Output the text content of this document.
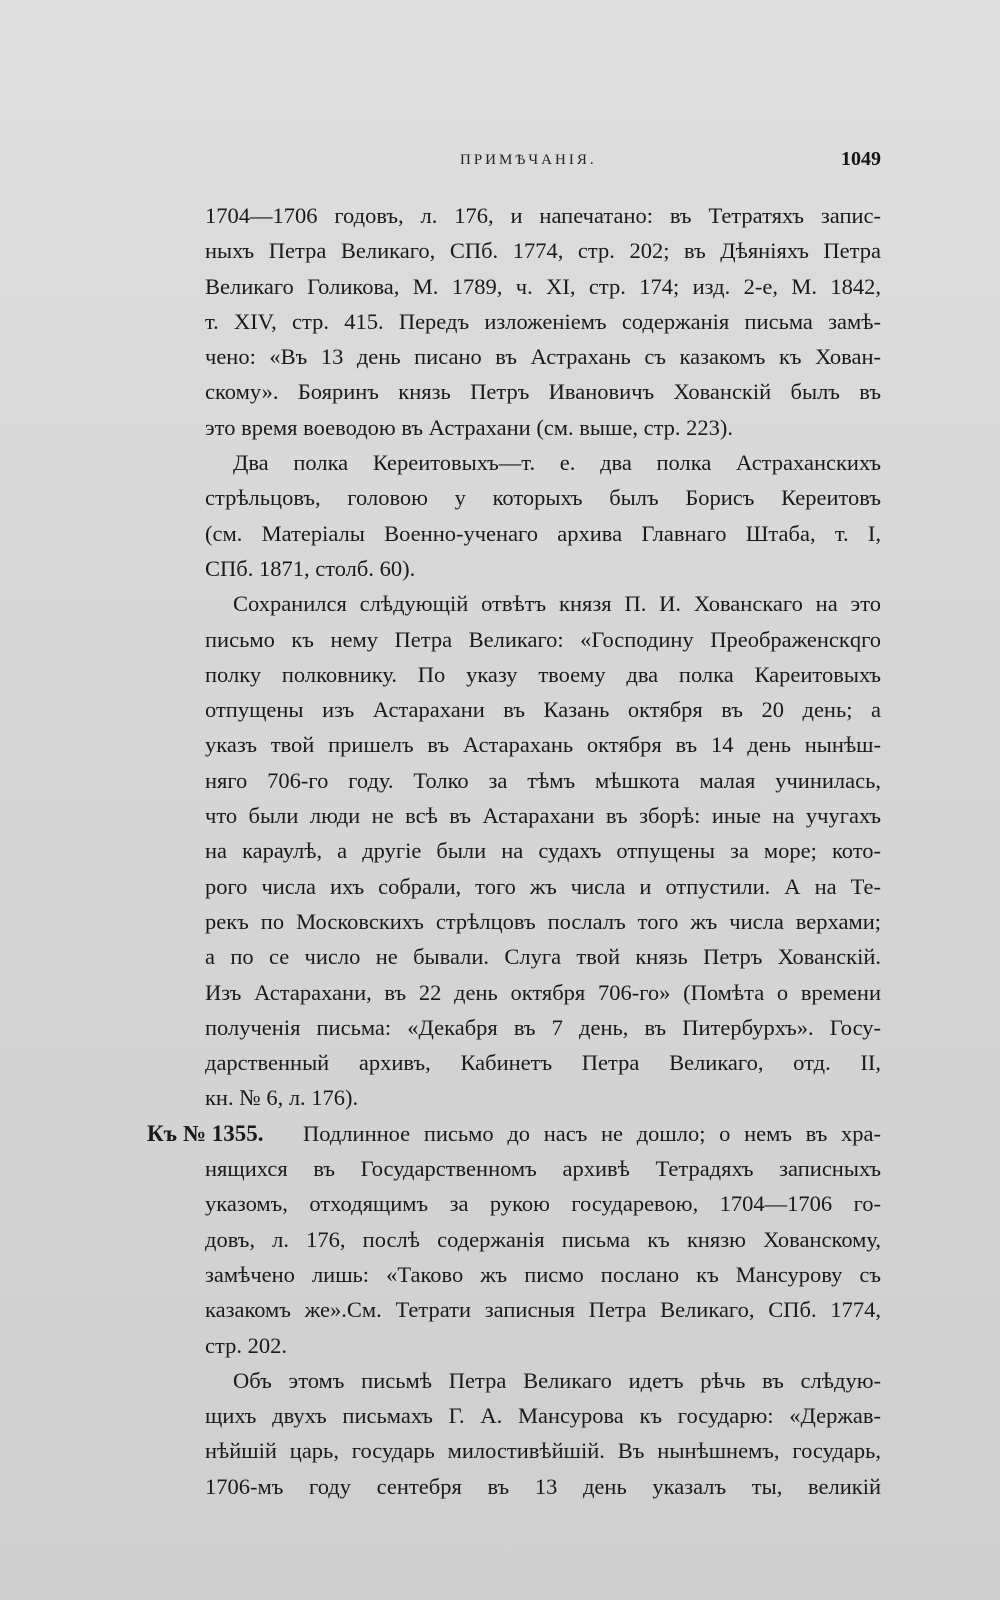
ПРИМѢЧАНIЯ.	1049
1704—1706 годовъ, л. 176, и напечатано: въ Тетратяхъ запис-
ныхъ Петра Великаго, СПб. 1774, стр. 202; въ Дѣянiяхъ Петра
Великаго Голикова, М. 1789, ч. XI, стр. 174; изд. 2-е, М. 1842,
т. XIV, стр. 415. Передъ изложенiемъ содержанiя письма замѣ-
чено: «Въ 13 день писано въ Астрахань съ казакомъ къ Хован-
скому». Бояринъ князь Петръ Ивановичъ Хованскiй былъ въ
это время воеводою въ Астрахани (см. выше, стр. 223).
Два полка Кереитовыхъ—т. е. два полка Астраханскихъ
стрѣльцовъ, головою у которыхъ былъ Борисъ Кереитовъ
(см. Матерiалы Военно-ученаго архива Главнаго Штаба, т. I,
СПб. 1871, столб. 60).
Сохранился слѣдующiй отвѣтъ князя П. И. Хованскаго на это
письмо къ нему Петра Великаго: «Господину Преображенскqго
полку полковнику. По указу твоему два полка Кареитовыхъ
отпущены изъ Астарахани въ Казань октября въ 20 день; а
указъ твой пришелъ въ Астарахань октября въ 14 день нынѣш-
няго 706-го году. Толко за тѣмъ мѣшкота малая учинилась,
что были люди не всѣ въ Астарахани въ зборѣ: иные на учугахъ
на караулѣ, а другiе были на судахъ отпущены за море; кото-
рого числа ихъ собрали, того жъ числа и отпустили. А на Те-
рекъ по Московскихъ стрѣлцовъ послалъ того жъ числа верхами;
а по се число не бывали. Слуга твой князь Петръ Хованскiй.
Изъ Астарахани, въ 22 день октября 706-го» (Помѣта о времени
полученiя письма: «Декабря въ 7 день, въ Питербурхъ». Госу-
дарственный архивъ, Кабинетъ Петра Великаго, отд. II,
кн. № 6, л. 176).
Къ № 1355. Подлинное письмо до насъ не дошло; о немъ въ хра-
нящихся въ Государственномъ архивѣ Тетрадяхъ записныхъ
указомъ, отходящимъ за рукою государевою, 1704—1706 го-
довъ, л. 176, послѣ содержанiя письма къ князю Хованскому,
замѣчено лишь: «Таково жъ писмо послано къ Мансурову съ
казакомъ же».См. Тетрати записныя Петра Великаго, СПб. 1774,
стр. 202.
Объ этомъ письмѣ Петра Великаго идетъ рѣчь въ слѣдую-
щихъ двухъ письмахъ Г. А. Мансурова къ государю: «Держав-
нѣйшiй царь, государь милостивѣйшiй. Въ нынѣшнемъ, государь,
1706-мъ году сентебря въ 13 день указалъ ты, великiй
